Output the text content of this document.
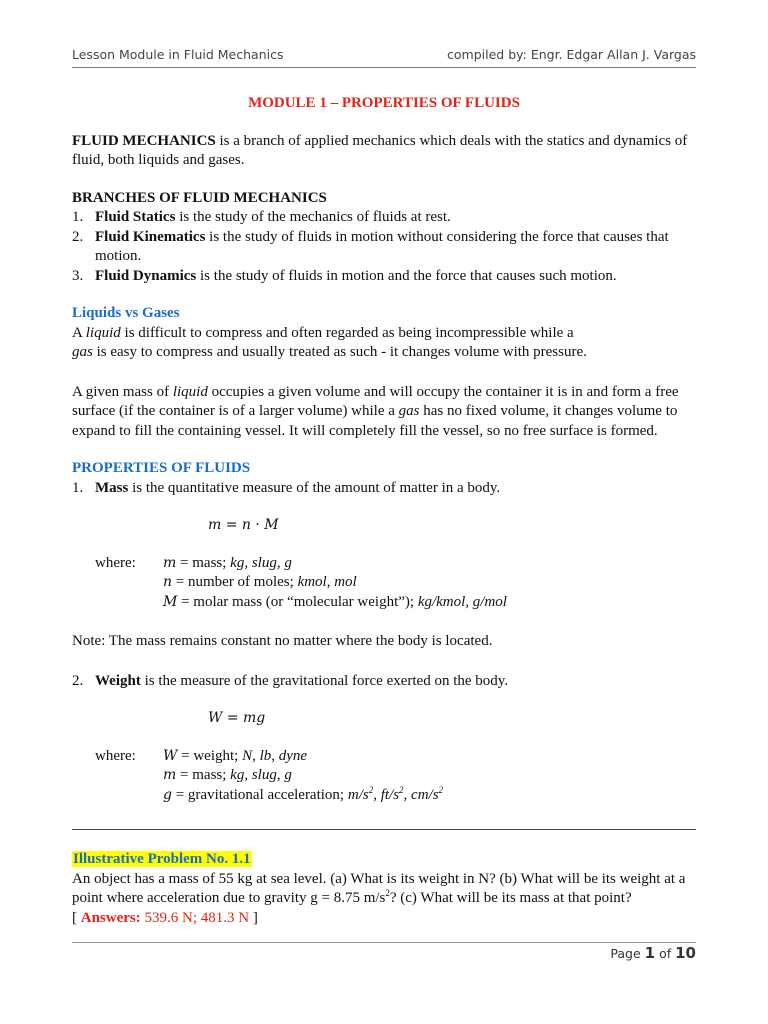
Lesson Module in Fluid Mechanics	compiled by: Engr. Edgar Allan J. Vargas

MODULE 1 – PROPERTIES OF FLUIDS

FLUID MECHANICS is a branch of applied mechanics which deals with the statics and dynamics of fluid, both liquids and gases.

BRANCHES OF FLUID MECHANICS

1. Fluid Statics is the study of the mechanics of fluids at rest.
2. Fluid Kinematics is the study of fluids in motion without considering the force that causes that motion.
3. Fluid Dynamics is the study of fluids in motion and the force that causes such motion.

Liquids vs Gases

A liquid is difficult to compress and often regarded as being incompressible while a
gas is easy to compress and usually treated as such - it changes volume with pressure.

A given mass of liquid occupies a given volume and will occupy the container it is in and form a free surface (if the container is of a larger volume) while a gas has no fixed volume, it changes volume to expand to fill the containing vessel. It will completely fill the vessel, so no free surface is formed.

PROPERTIES OF FLUIDS

1. Mass is the quantitative measure of the amount of matter in a body.

m = n · M

where: m = mass; kg, slug, g
n = number of moles; kmol, mol
M = molar mass (or “molecular weight”); kg/kmol, g/mol

Note: The mass remains constant no matter where the body is located.

2. Weight is the measure of the gravitational force exerted on the body.

W = mg

where: W = weight; N, lb, dyne
m = mass; kg, slug, g
g = gravitational acceleration; $m/s^2$, $ft/s^2$, $cm/s^2$

Illustrative Problem No. 1.1

An object has a mass of 55 kg at sea level. (a) What is its weight in N? (b) What will be its weight at a point where acceleration due to gravity g = 8.75 $m/s^2$? (c) What will be its mass at that point?

[ Answers: 539.6 N; 481.3 N ]

Page 1 of 10
